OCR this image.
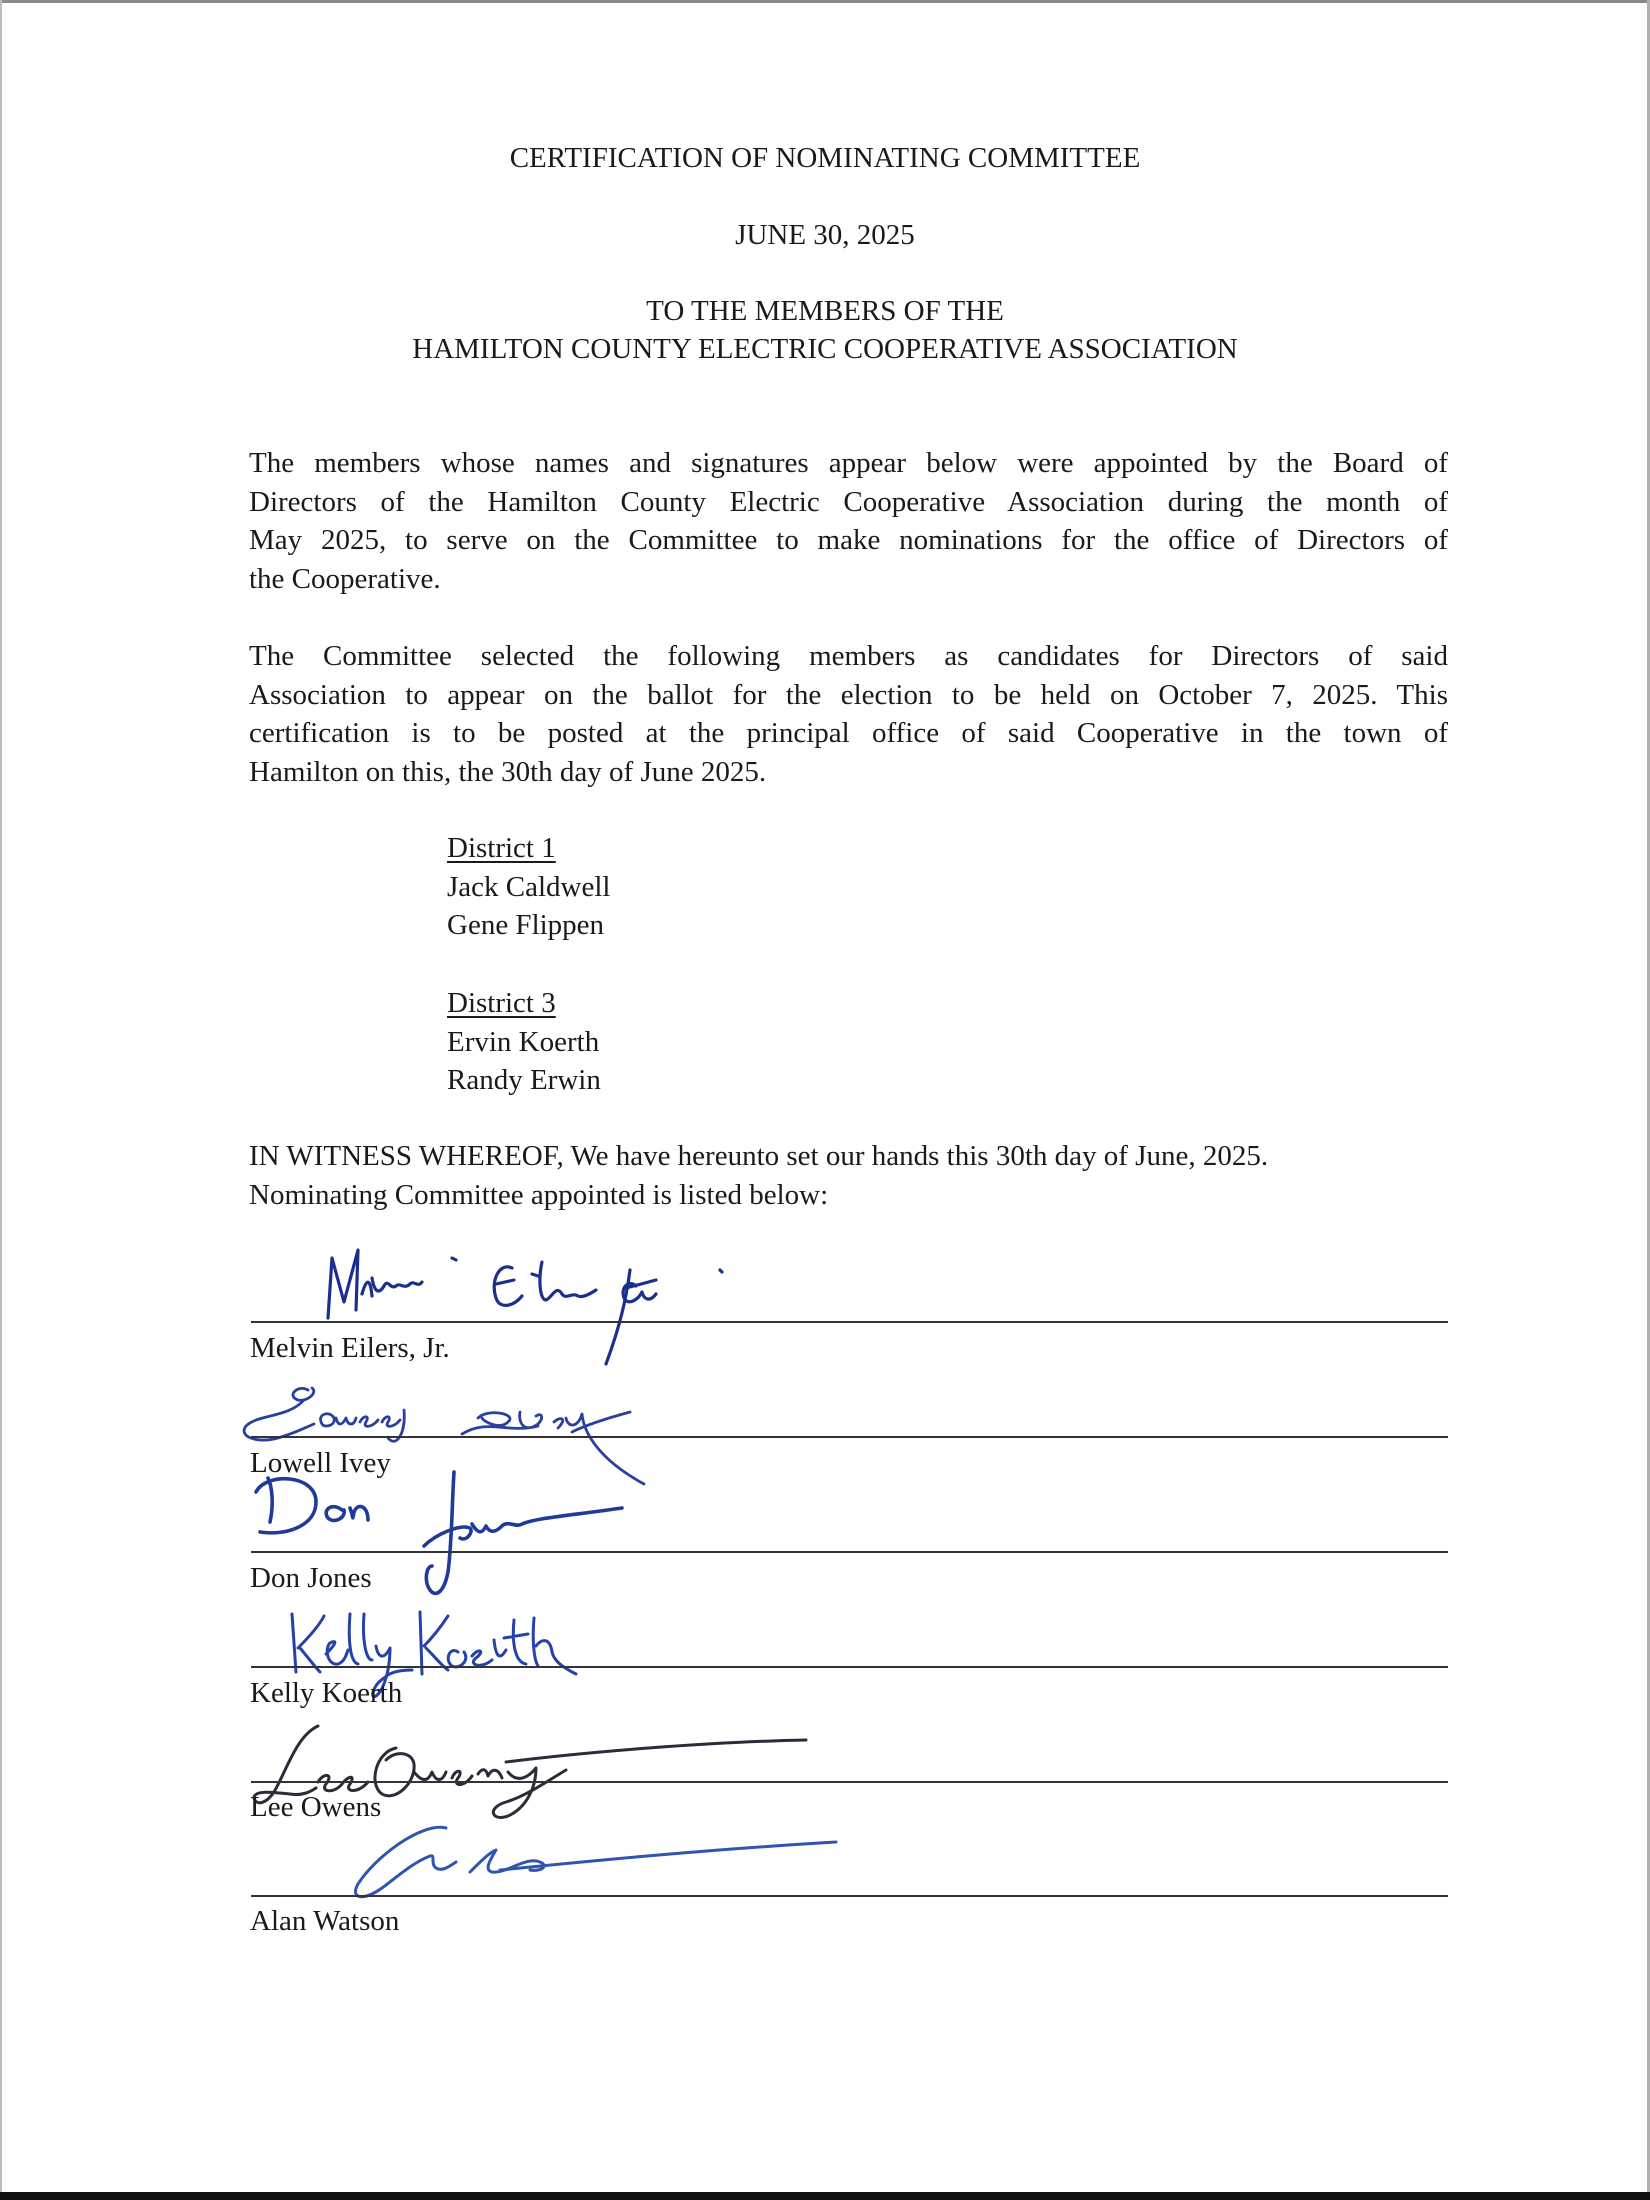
CERTIFICATION OF NOMINATING COMMITTEE
JUNE 30, 2025
TO THE MEMBERS OF THE
HAMILTON COUNTY ELECTRIC COOPERATIVE ASSOCIATION
The members whose names and signatures appear below were appointed by the Board of
Directors of the Hamilton County Electric Cooperative Association during the month of
May 2025, to serve on the Committee to make nominations for the office of Directors of
the Cooperative.
The Committee selected the following members as candidates for Directors of said
Association to appear on the ballot for the election to be held on October 7, 2025. This
certification is to be posted at the principal office of said Cooperative in the town of
Hamilton on this, the 30th day of June 2025.
District 1
Jack Caldwell
Gene Flippen
District 3
Ervin Koerth
Randy Erwin
IN WITNESS WHEREOF, We have hereunto set our hands this 30th day of June, 2025.
Nominating Committee appointed is listed below:
Melvin Eilers, Jr.
Lowell Ivey
Don Jones
Kelly Koerth
Lee Owens
Alan Watson
